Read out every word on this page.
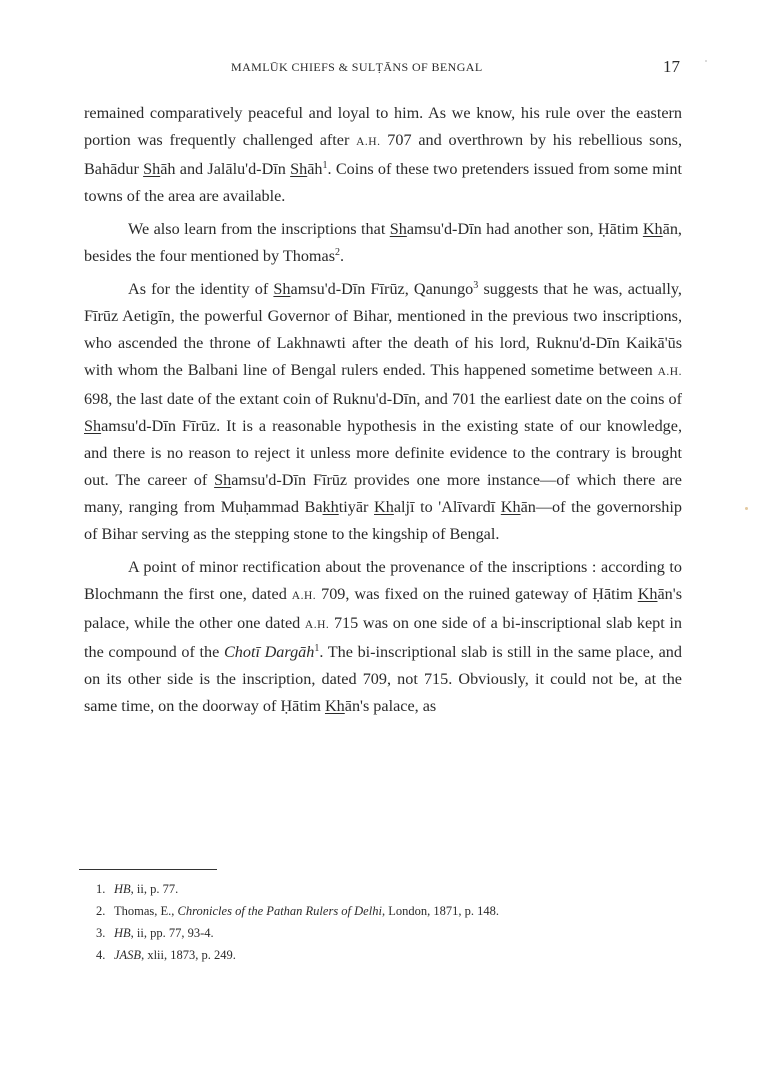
MAMLŪK CHIEFS & SULṬĀNS OF BENGAL	17

remained comparatively peaceful and loyal to him. As we know, his rule over the eastern portion was frequently challenged after A.H. 707 and overthrown by his rebellious sons, Bahādur Shāh and Jalālu'd-Dīn Shāh$^1$. Coins of these two pretenders issued from some mint towns of the area are available.

We also learn from the inscriptions that Shamsu'd-Dīn had another son, Ḥātim Khān, besides the four mentioned by Thomas$^2$.

As for the identity of Shamsu'd-Dīn Fīrūz, Qanungo$^3$ suggests that he was, actually, Fīrūz Aetigīn, the powerful Governor of Bihar, mentioned in the previous two inscriptions, who ascended the throne of Lakhnawti after the death of his lord, Ruknu'd-Dīn Kaikā'ūs with whom the Balbani line of Bengal rulers ended. This happened sometime between A.H. 698, the last date of the extant coin of Ruknu'd-Dīn, and 701 the earliest date on the coins of Shamsu'd-Dīn Fīrūz. It is a reasonable hypothesis in the existing state of our knowledge, and there is no reason to reject it unless more definite evidence to the contrary is brought out. The career of Shamsu'd-Dīn Fīrūz provides one more instance—of which there are many, ranging from Muḥammad Bakhtiyār Khaljī to 'Alīvardī Khān—of the governorship of Bihar serving as the stepping stone to the kingship of Bengal.

A point of minor rectification about the provenance of the inscriptions : according to Blochmann the first one, dated A.H. 709, was fixed on the ruined gateway of Ḥātim Khān's palace, while the other one dated A.H. 715 was on one side of a bi-inscriptional slab kept in the compound of the Chotī Dargāh$^1$. The bi-inscriptional slab is still in the same place, and on its other side is the inscription, dated 709, not 715. Obviously, it could not be, at the same time, on the doorway of Ḥātim Khān's palace, as

1. HB, ii, p. 77.
2. Thomas, E., Chronicles of the Pathan Rulers of Delhi, London, 1871, p. 148.
3. HB, ii, pp. 77, 93-4.
4. JASB, xlii, 1873, p. 249.
